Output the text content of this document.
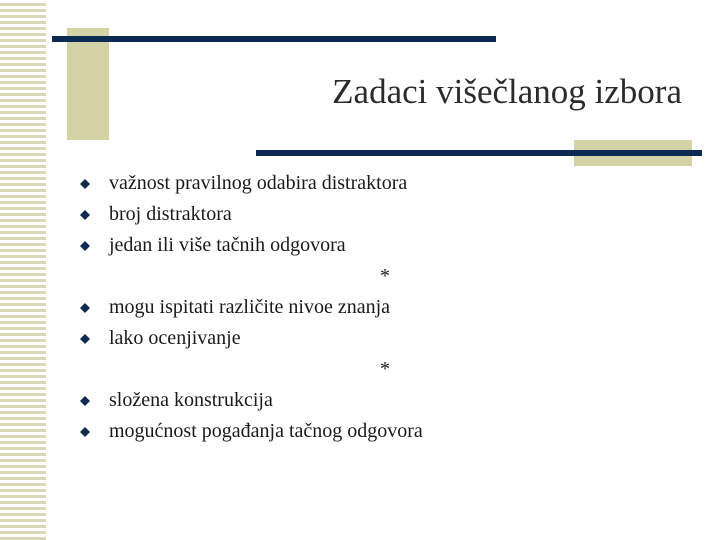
Zadaci višečlanog izbora
važnost pravilnog odabira distraktora
broj distraktora
jedan ili više tačnih odgovora
*
mogu ispitati različite nivoe znanja
lako ocenjivanje
*
složena konstrukcija
mogućnost pogađanja tačnog odgovora
